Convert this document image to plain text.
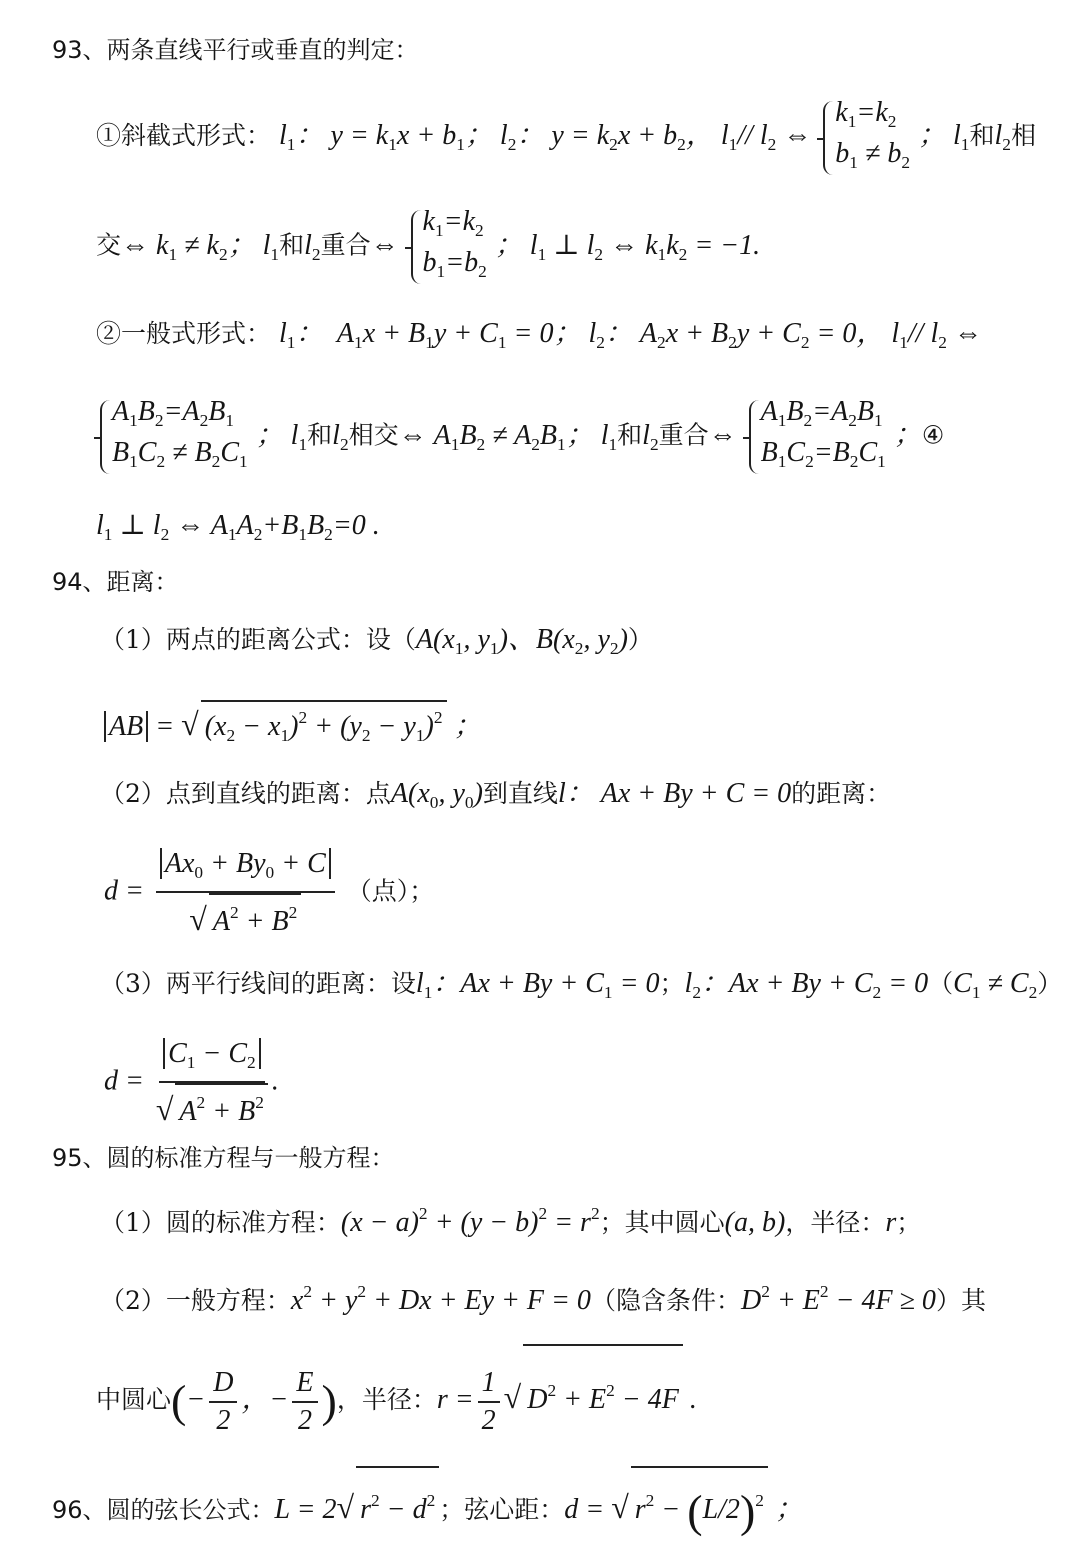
93、两条直线平行或垂直的判定：
①斜截式形式： $l_1$： $y = k_1x + b_1$； $l_2$： $y = k_2x + b_2$， $l_1//$ $l_2$ ⇔
$k_1=k_2$
$b_1 \ne b_2$
； $l_1$和$l_2$相
交⇔ $k_1 \ne k_2$； $l_1$和$l_2$重合⇔
$k_1=k_2$
$b_1=b_2$
； $l_1$ ⊥ $l_2$ ⇔ $k_1k_2 = -1$.
②一般式形式： $l_1$：  $A_1x + B_1y + C_1 = 0$； $l_2$： $A_2x + B_2y + C_2 = 0$， $l_1//$ $l_2$ ⇔
$A_1B_2=A_2B_1$
$B_1C_2 \ne B_2C_1$
； $l_1$和$l_2$相交⇔ $A_1B_2 \ne A_2B_1$； $l_1$和$l_2$重合⇔
$A_1B_2=A_2B_1$
$B_1C_2=B_2C_1$
；④
$l_1$ ⊥ $l_2$ ⇔ $A_1A_2+B_1B_2=0$ .
94、距离：
（1）两点的距离公式：设（$A(x_1$, $y_1$)、$B(x_2$, $y_2$)）
AB = √ $(x_2 - x_1)^2 + (y_2 - y_1)^2$ ；
（2）点到直线的距离：点$A(x_0$, $y_0$)到直线l： Ax + By + C = 0的距离：
$d = \frac{Ax_0 + By_0 + C}{√ A^2 + B^2}$ （点）；
（3）两平行线间的距离：设$l_1$：$Ax + By + C_1 = 0$；$l_2$：$Ax + By + C_2 = 0(C_1 \ne C_2)$
$d = \frac{C_1 - C_2}{√ A^2 + B^2}$ .
95、圆的标准方程与一般方程：
（1）圆的标准方程：$(x - a)^2 + (y - b)^2 = r^2$；其中圆心(a, b)，半径：r；
（2）一般方程：$x^2 + y^2 + Dx + Ey + F = 0$（隐含条件：$D^2 + E^2 - 4F \ge 0$）其
中圆心(− $\frac{D}{2}$ ，− $\frac{E}{2}$ )，半径：$r = \frac{1}{2}$ √ $D^2 + E^2 - 4F$ .
96、圆的弦长公式：L = 2√ $r^2 - d^2$ ；弦心距：d = √ $r^2 - (L/2)^2$ ；
